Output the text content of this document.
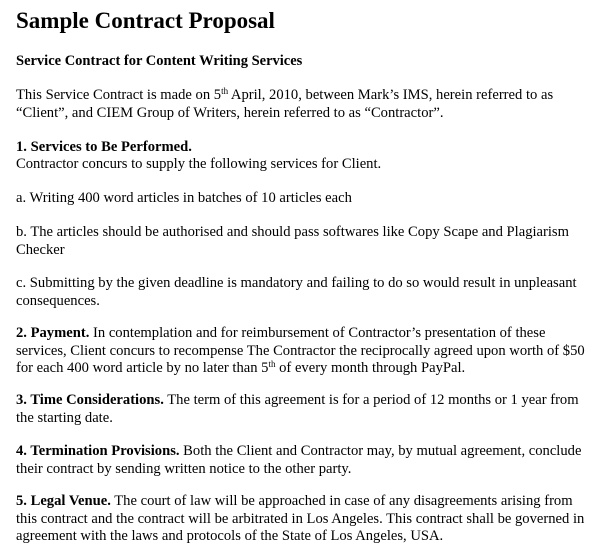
Sample Contract Proposal
Service Contract for Content Writing Services
This Service Contract is made on 5th April, 2010, between Mark’s IMS, herein referred to as “Client”, and CIEM Group of Writers, herein referred to as “Contractor”.
1. Services to Be Performed.
Contractor concurs to supply the following services for Client.
a. Writing 400 word articles in batches of 10 articles each
b. The articles should be authorised and should pass softwares like Copy Scape and Plagiarism Checker
c. Submitting by the given deadline is mandatory and failing to do so would result in unpleasant consequences.
2. Payment. In contemplation and for reimbursement of Contractor’s presentation of these services, Client concurs to recompense The Contractor the reciprocally agreed upon worth of $50 for each 400 word article by no later than 5th of every month through PayPal.
3. Time Considerations. The term of this agreement is for a period of 12 months or 1 year from the starting date.
4. Termination Provisions. Both the Client and Contractor may, by mutual agreement, conclude their contract by sending written notice to the other party.
5. Legal Venue. The court of law will be approached in case of any disagreements arising from this contract and the contract will be arbitrated in Los Angeles. This contract shall be governed in agreement with the laws and protocols of the State of Los Angeles, USA.
